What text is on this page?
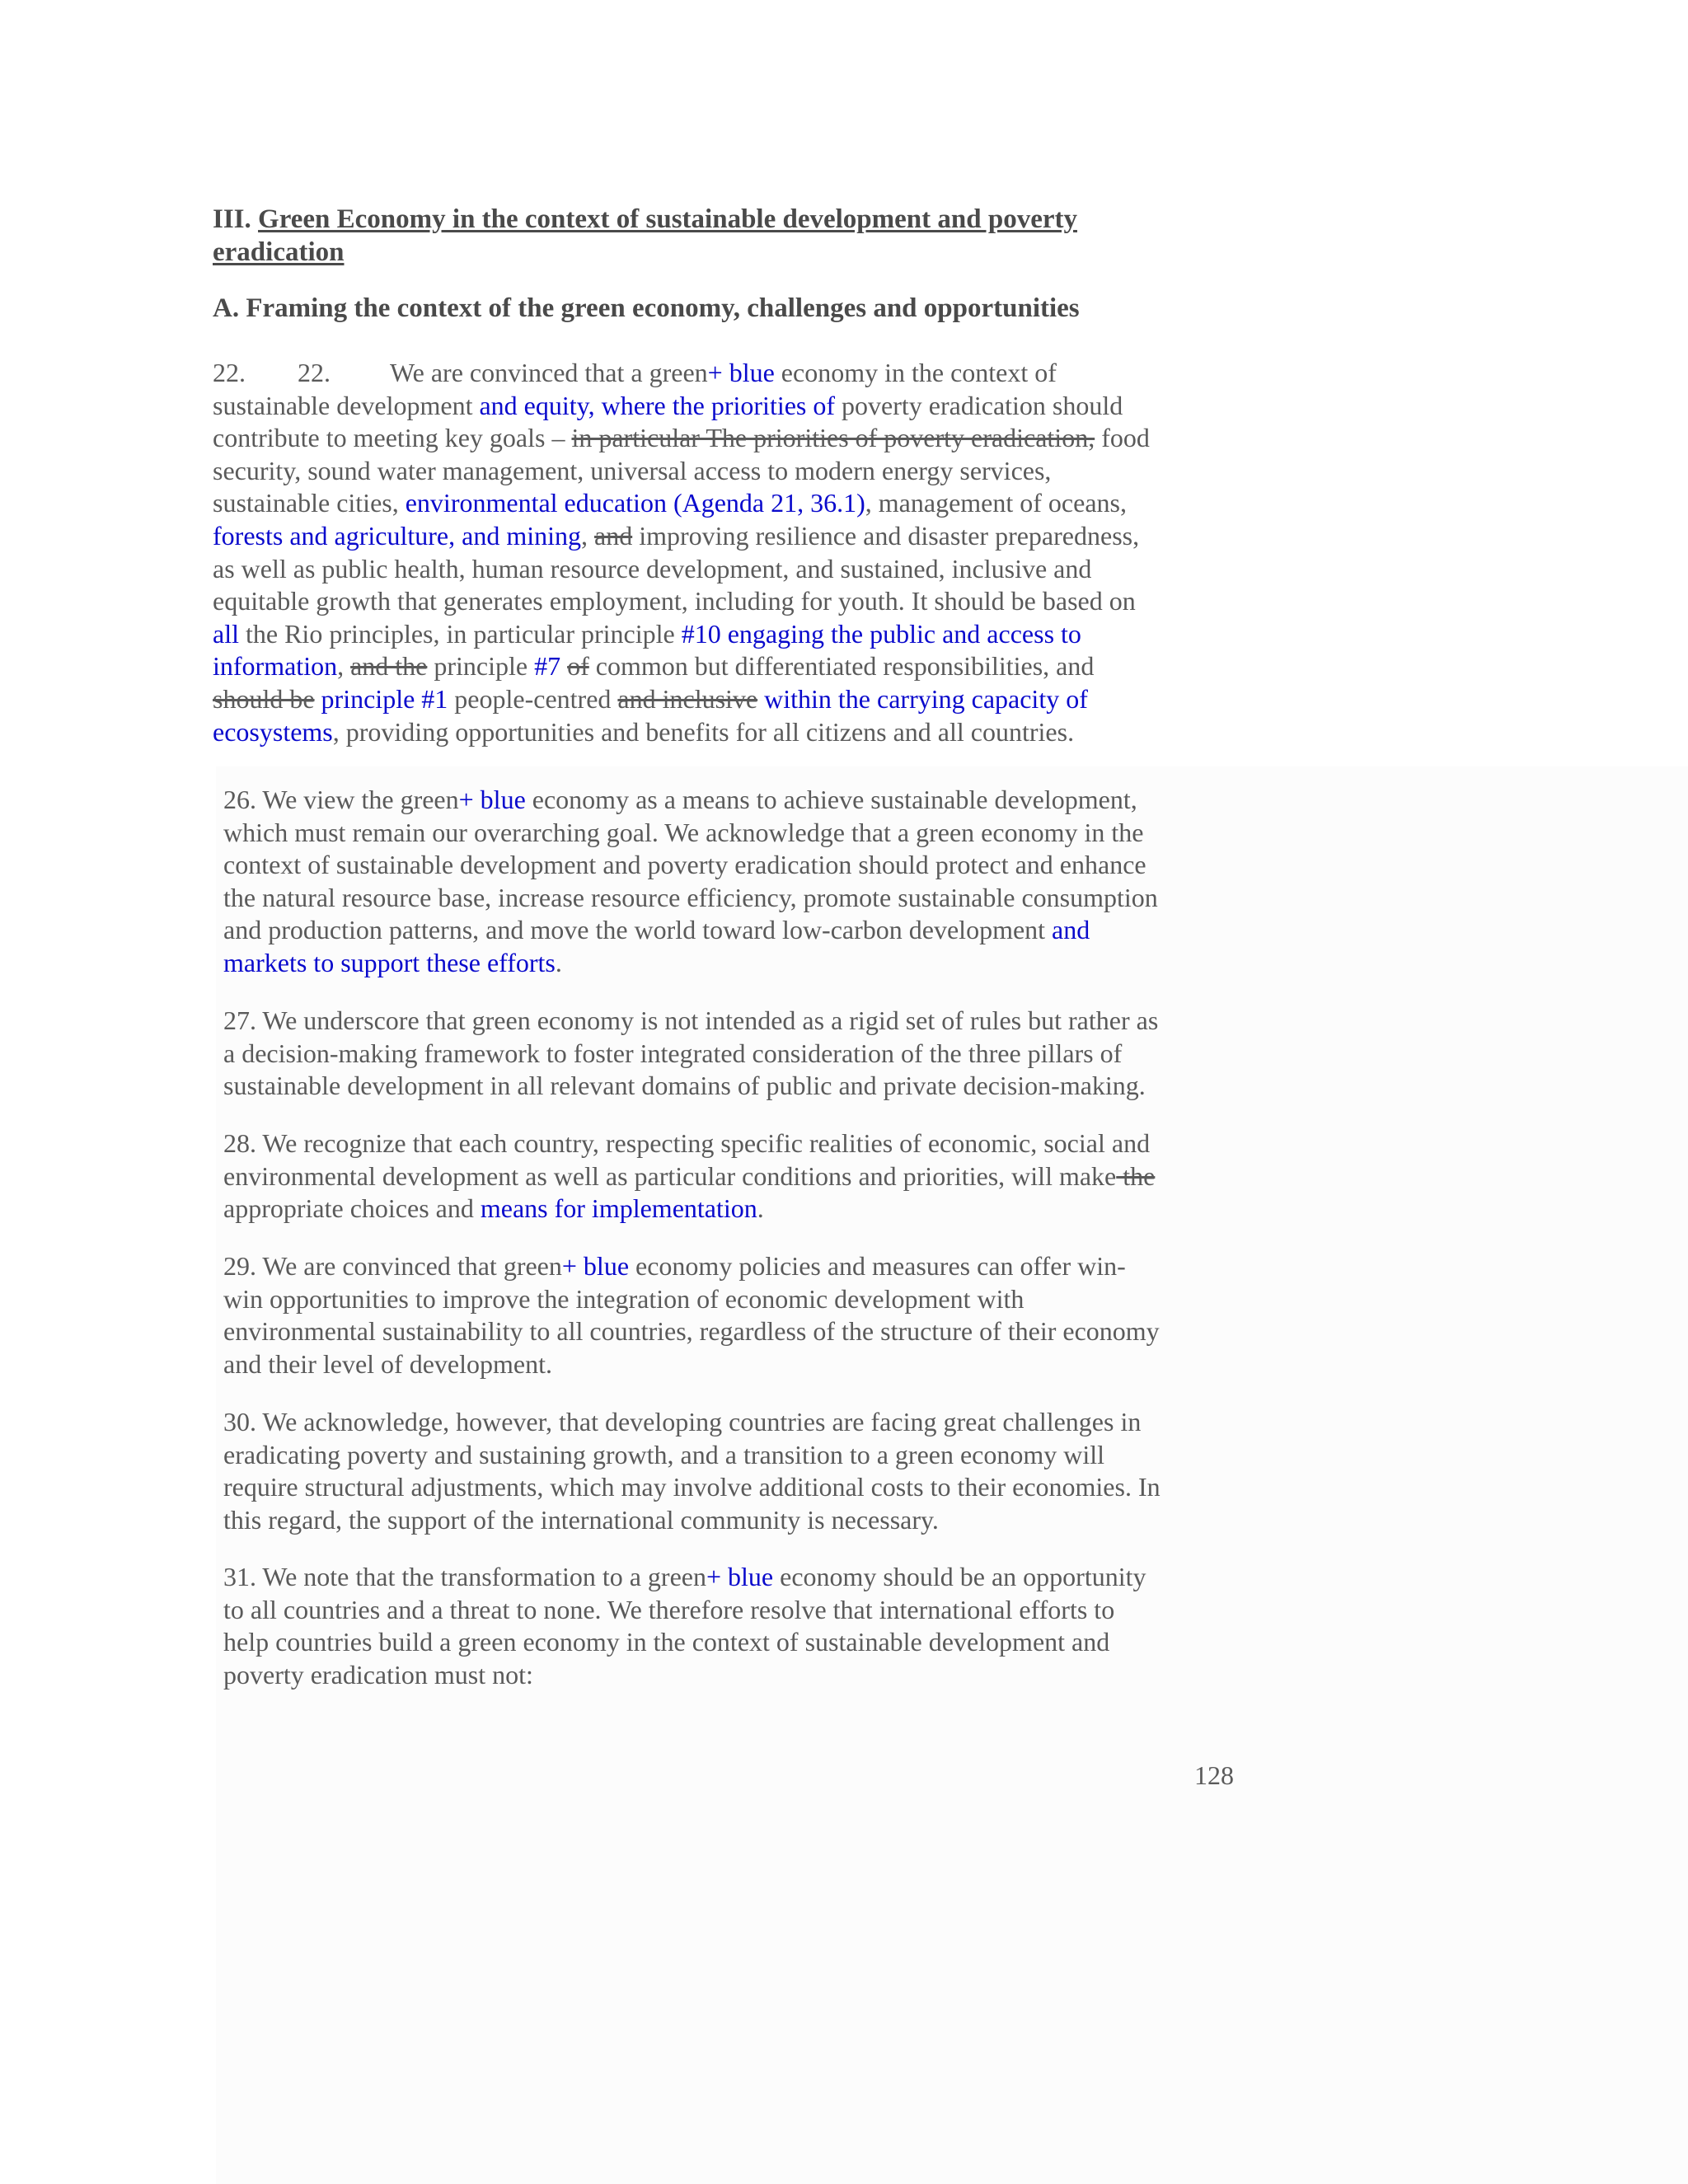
III. Green Economy in the context of sustainable development and poverty
eradication
A. Framing the context of the green economy, challenges and opportunities

22. 22. We are convinced that a green+ blue economy in the context of
sustainable development and equity, where the priorities of poverty eradication should
contribute to meeting key goals – in particular The priorities of poverty eradication, food
security, sound water management, universal access to modern energy services,
sustainable cities, environmental education (Agenda 21, 36.1), management of oceans,
forests and agriculture, and mining, and improving resilience and disaster preparedness,
as well as public health, human resource development, and sustained, inclusive and
equitable growth that generates employment, including for youth. It should be based on
all the Rio principles, in particular principle #10 engaging the public and access to
information, and the principle #7 of common but differentiated responsibilities, and
should be principle #1 people-centred and inclusive within the carrying capacity of
ecosystems, providing opportunities and benefits for all citizens and all countries.

26. We view the green+ blue economy as a means to achieve sustainable development,
which must remain our overarching goal. We acknowledge that a green economy in the
context of sustainable development and poverty eradication should protect and enhance
the natural resource base, increase resource efficiency, promote sustainable consumption
and production patterns, and move the world toward low-carbon development and
markets to support these efforts.

27. We underscore that green economy is not intended as a rigid set of rules but rather as
a decision-making framework to foster integrated consideration of the three pillars of
sustainable development in all relevant domains of public and private decision-making.

28. We recognize that each country, respecting specific realities of economic, social and
environmental development as well as particular conditions and priorities, will make the
appropriate choices and means for implementation.

29. We are convinced that green+ blue economy policies and measures can offer win-
win opportunities to improve the integration of economic development with
environmental sustainability to all countries, regardless of the structure of their economy
and their level of development.

30. We acknowledge, however, that developing countries are facing great challenges in
eradicating poverty and sustaining growth, and a transition to a green economy will
require structural adjustments, which may involve additional costs to their economies. In
this regard, the support of the international community is necessary.

31. We note that the transformation to a green+ blue economy should be an opportunity
to all countries and a threat to none. We therefore resolve that international efforts to
help countries build a green economy in the context of sustainable development and
poverty eradication must not:

128
